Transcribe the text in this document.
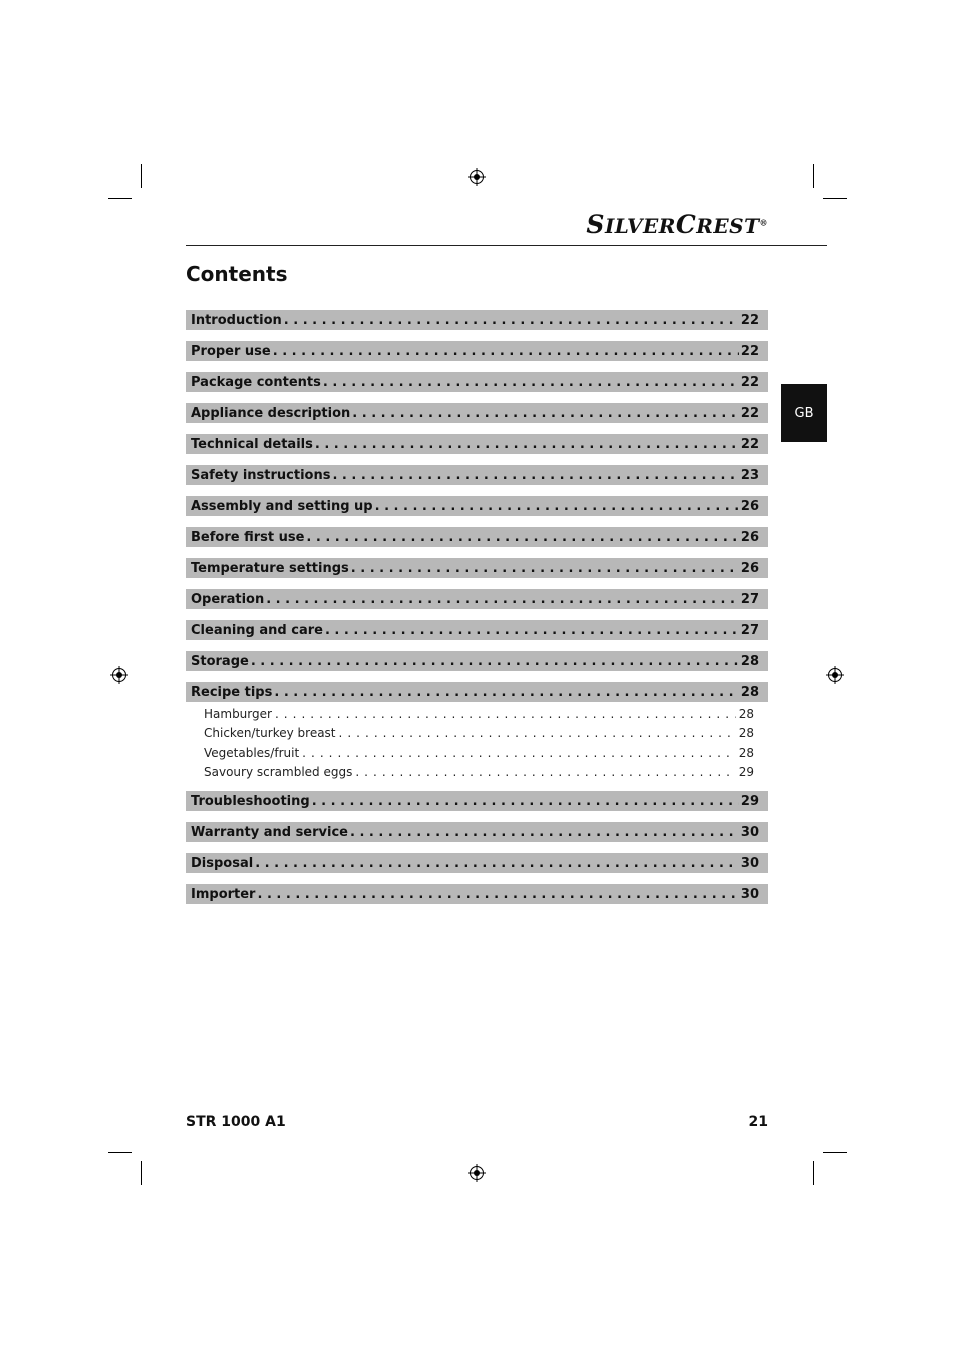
SILVERCREST®
Contents
GB
Introduction . . .	22
Proper use . . .	22
Package contents . . .	22
Appliance description . . .	22
Technical details . . .	22
Safety instructions . . .	23
Assembly and setting up . . .	26
Before first use . . .	26
Temperature settings . . .	26
Operation . . .	27
Cleaning and care . . .	27
Storage . . .	28
Recipe tips . . .	28
Hamburger . . .	28
Chicken/turkey breast . . .	28
Vegetables/fruit . . .	28
Savoury scrambled eggs . . .	29
Troubleshooting . . .	29
Warranty and service . . .	30
Disposal . . .	30
Importer . . .	30
STR 1000 A1	21
